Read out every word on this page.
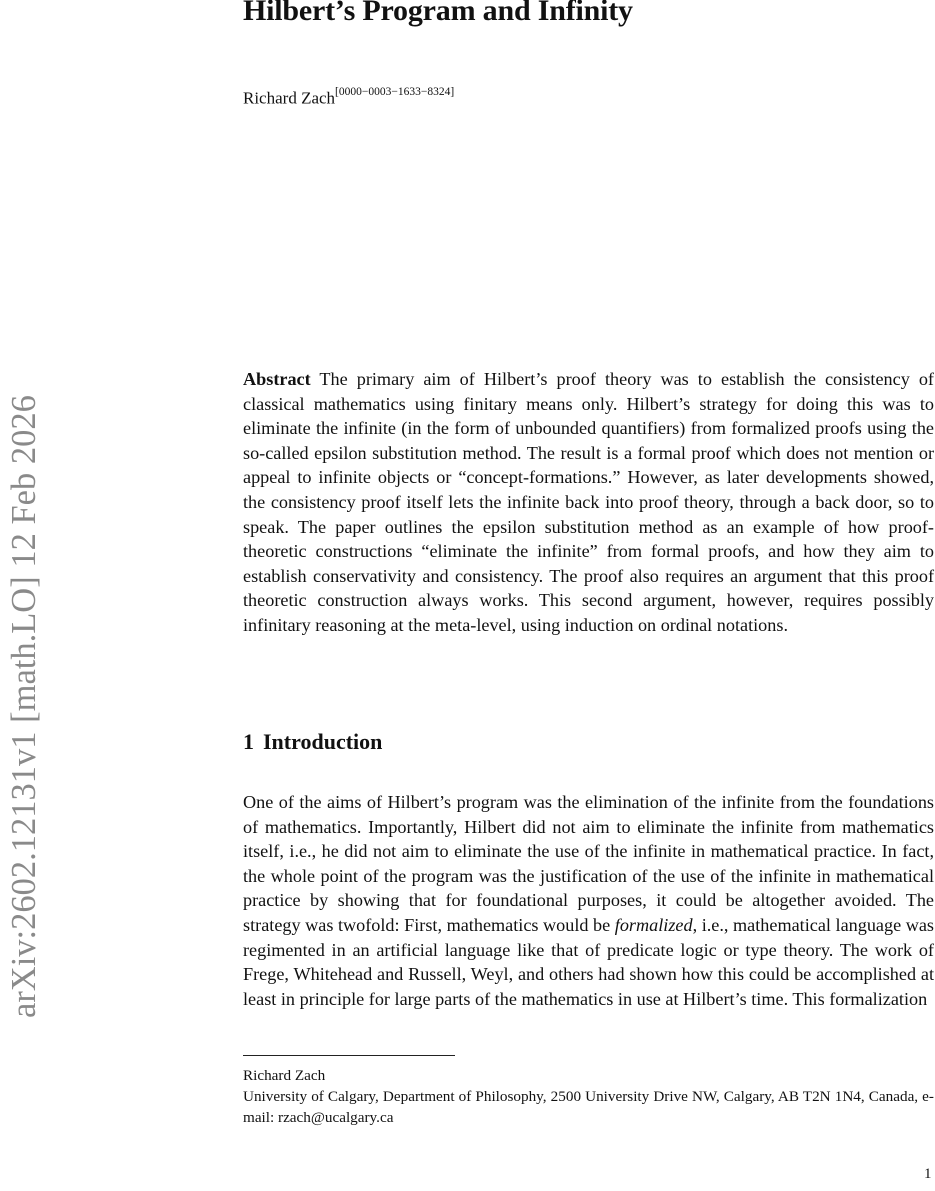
arXiv:2602.12131v1 [math.LO] 12 Feb 2026
Hilbert’s Program and Infinity
Richard Zach[0000−0003−1633−8324]

Abstract The primary aim of Hilbert’s proof theory was to establish the consistency of classical mathematics using finitary means only. Hilbert’s strategy for doing this was to eliminate the infinite (in the form of unbounded quantifiers) from formalized proofs using the so-called epsilon substitution method. The result is a formal proof which does not mention or appeal to infinite objects or “concept-formations.” However, as later developments showed, the consistency proof itself lets the infinite back into proof theory, through a back door, so to speak. The paper outlines the epsilon substitution method as an example of how proof-theoretic constructions “eliminate the infinite” from formal proofs, and how they aim to establish conservativity and consistency. The proof also requires an argument that this proof theoretic construction always works. This second argument, however, requires possibly infinitary reasoning at the meta-level, using induction on ordinal notations.

1 Introduction

One of the aims of Hilbert’s program was the elimination of the infinite from the foundations of mathematics. Importantly, Hilbert did not aim to eliminate the infinite from mathematics itself, i.e., he did not aim to eliminate the use of the infinite in mathematical practice. In fact, the whole point of the program was the justification of the use of the infinite in mathematical practice by showing that for foundational purposes, it could be altogether avoided. The strategy was twofold: First, mathematics would be formalized, i.e., mathematical language was regimented in an artificial language like that of predicate logic or type theory. The work of Frege, Whitehead and Russell, Weyl, and others had shown how this could be accomplished at least in principle for large parts of the mathematics in use at Hilbert’s time. This formalization

Richard Zach
University of Calgary, Department of Philosophy, 2500 University Drive NW, Calgary, AB T2N 1N4, Canada, e-mail: rzach@ucalgary.ca

1
